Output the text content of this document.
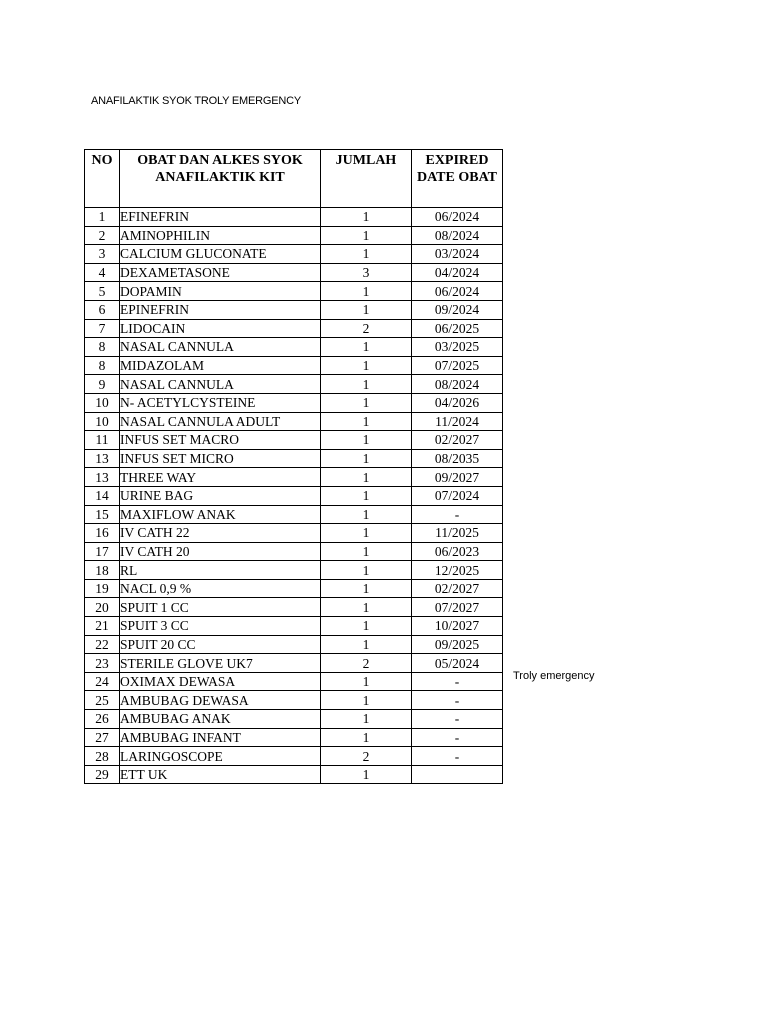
ANAFILAKTIK SYOK TROLY EMERGENCY
NO	OBAT DAN ALKES SYOK ANAFILAKTIK KIT	JUMLAH	EXPIRED DATE OBAT
1	EFINEFRIN	1	06/2024
2	AMINOPHILIN	1	08/2024
3	CALCIUM GLUCONATE	1	03/2024
4	DEXAMETASONE	3	04/2024
5	DOPAMIN	1	06/2024
6	EPINEFRIN	1	09/2024
7	LIDOCAIN	2	06/2025
8	NASAL CANNULA	1	03/2025
8	MIDAZOLAM	1	07/2025
9	NASAL CANNULA	1	08/2024
10	N- ACETYLCYSTEINE	1	04/2026
10	NASAL CANNULA ADULT	1	11/2024
11	INFUS SET MACRO	1	02/2027
13	INFUS SET MICRO	1	08/2035
13	THREE WAY	1	09/2027
14	URINE BAG	1	07/2024
15	MAXIFLOW ANAK	1	-
16	IV CATH 22	1	11/2025
17	IV CATH 20	1	06/2023
18	RL	1	12/2025
19	NACL 0,9 %	1	02/2027
20	SPUIT 1 CC	1	07/2027
21	SPUIT 3 CC	1	10/2027
22	SPUIT 20 CC	1	09/2025
23	STERILE GLOVE UK7	2	05/2024
24	OXIMAX DEWASA	1	-
25	AMBUBAG DEWASA	1	-
26	AMBUBAG ANAK	1	-
27	AMBUBAG INFANT	1	-
28	LARINGOSCOPE	2	-
29	ETT UK	1	
Troly emergency
